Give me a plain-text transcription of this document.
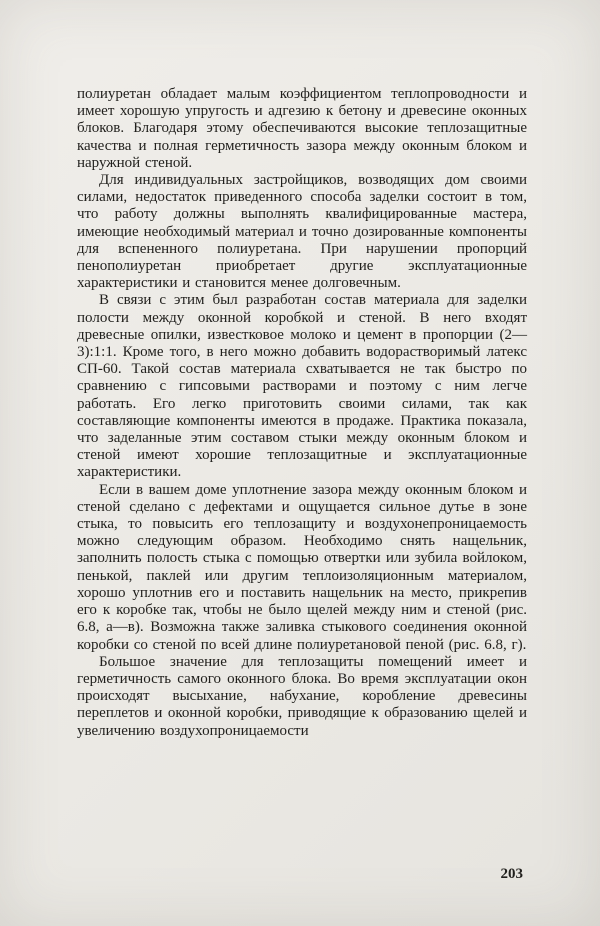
полиуретан обладает малым коэффициентом теплопроводности и имеет хорошую упругость и адгезию к бетону и древесине оконных блоков. Благодаря этому обеспечиваются высокие теплозащитные качества и полная герметичность зазора между оконным блоком и наружной стеной.

Для индивидуальных застройщиков, возводящих дом своими силами, недостаток приведенного способа заделки состоит в том, что работу должны выполнять квалифицированные мастера, имеющие необходимый материал и точно дозированные компоненты для вспененного полиуретана. При нарушении пропорций пенополиуретан приобретает другие эксплуатационные характеристики и становится менее долговечным.

В связи с этим был разработан состав материала для заделки полости между оконной коробкой и стеной. В него входят древесные опилки, известковое молоко и цемент в пропорции (2—3):1:1. Кроме того, в него можно добавить водорастворимый латекс СП-60. Такой состав материала схватывается не так быстро по сравнению с гипсовыми растворами и поэтому с ним легче работать. Его легко приготовить своими силами, так как составляющие компоненты имеются в продаже. Практика показала, что заделанные этим составом стыки между оконным блоком и стеной имеют хорошие теплозащитные и эксплуатационные характеристики.

Если в вашем доме уплотнение зазора между оконным блоком и стеной сделано с дефектами и ощущается сильное дутье в зоне стыка, то повысить его теплозащиту и воздухонепроницаемость можно следующим образом. Необходимо снять нащельник, заполнить полость стыка с помощью отвертки или зубила войлоком, пенькой, паклей или другим теплоизоляционным материалом, хорошо уплотнив его и поставить нащельник на место, прикрепив его к коробке так, чтобы не было щелей между ним и стеной (рис. 6.8, а—в). Возможна также заливка стыкового соединения оконной коробки со стеной по всей длине полиуретановой пеной (рис. 6.8, г).

Большое значение для теплозащиты помещений имеет и герметичность самого оконного блока. Во время эксплуатации окон происходят высыхание, набухание, коробление древесины переплетов и оконной коробки, приводящие к образованию щелей и увеличению воздухопроницаемости

203
